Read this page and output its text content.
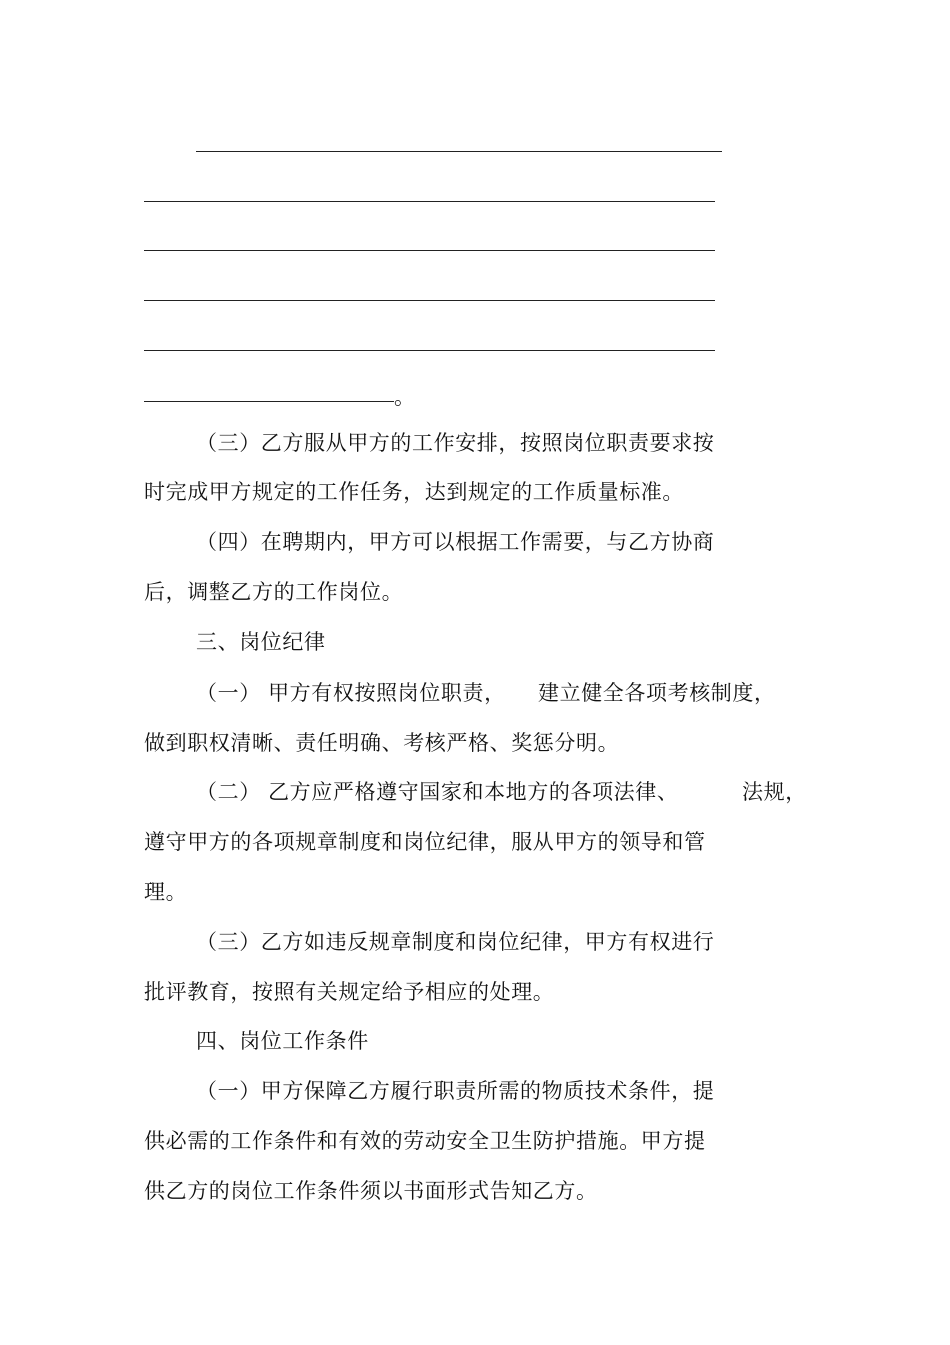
。
（三）乙方服从甲方的工作安排，按照岗位职责要求按
时完成甲方规定的工作任务，达到规定的工作质量标准。
（四）在聘期内，甲方可以根据工作需要，与乙方协商
后，调整乙方的工作岗位。
三、岗位纪律
（一） 甲方有权按照岗位职责， 建立健全各项考核制度，
做到职权清晰、责任明确、考核严格、奖惩分明。
（二） 乙方应严格遵守国家和本地方的各项法律、	法规，
遵守甲方的各项规章制度和岗位纪律，服从甲方的领导和管
理。
（三）乙方如违反规章制度和岗位纪律，甲方有权进行
批评教育，按照有关规定给予相应的处理。
四、岗位工作条件
（一）甲方保障乙方履行职责所需的物质技术条件，提
供必需的工作条件和有效的劳动安全卫生防护措施。甲方提
供乙方的岗位工作条件须以书面形式告知乙方。
